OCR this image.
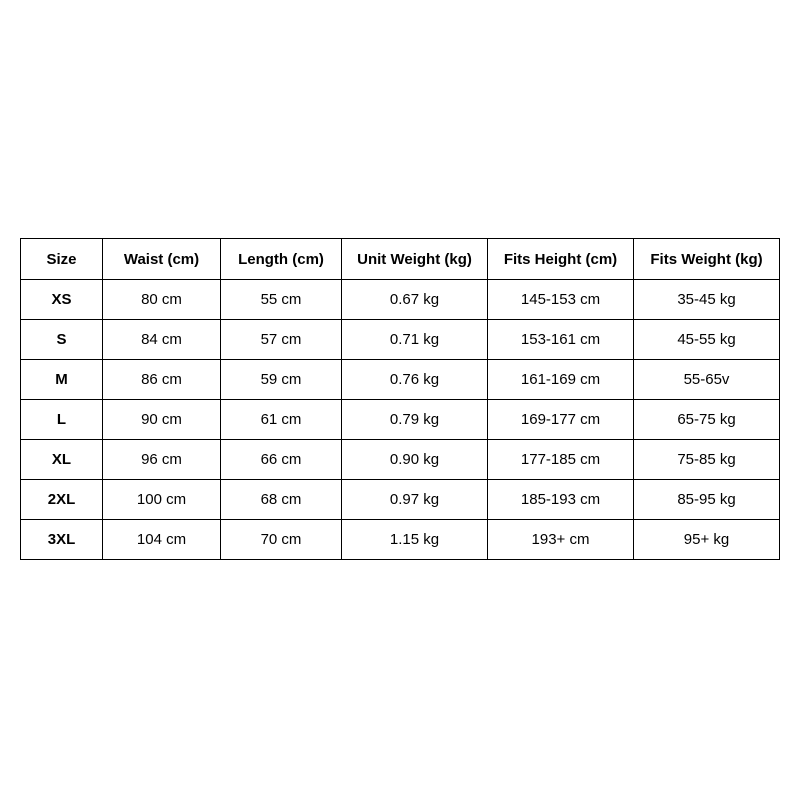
Size	Waist (cm)	Length (cm)	Unit Weight (kg)	Fits Height (cm)	Fits Weight (kg)
XS	80 cm	55 cm	0.67 kg	145-153 cm	35-45 kg
S	84 cm	57 cm	0.71 kg	153-161 cm	45-55 kg
M	86 cm	59 cm	0.76 kg	161-169 cm	55-65v
L	90 cm	61 cm	0.79 kg	169-177 cm	65-75 kg
XL	96 cm	66 cm	0.90 kg	177-185 cm	75-85 kg
2XL	100 cm	68 cm	0.97 kg	185-193 cm	85-95 kg
3XL	104 cm	70 cm	1.15 kg	193+ cm	95+ kg
